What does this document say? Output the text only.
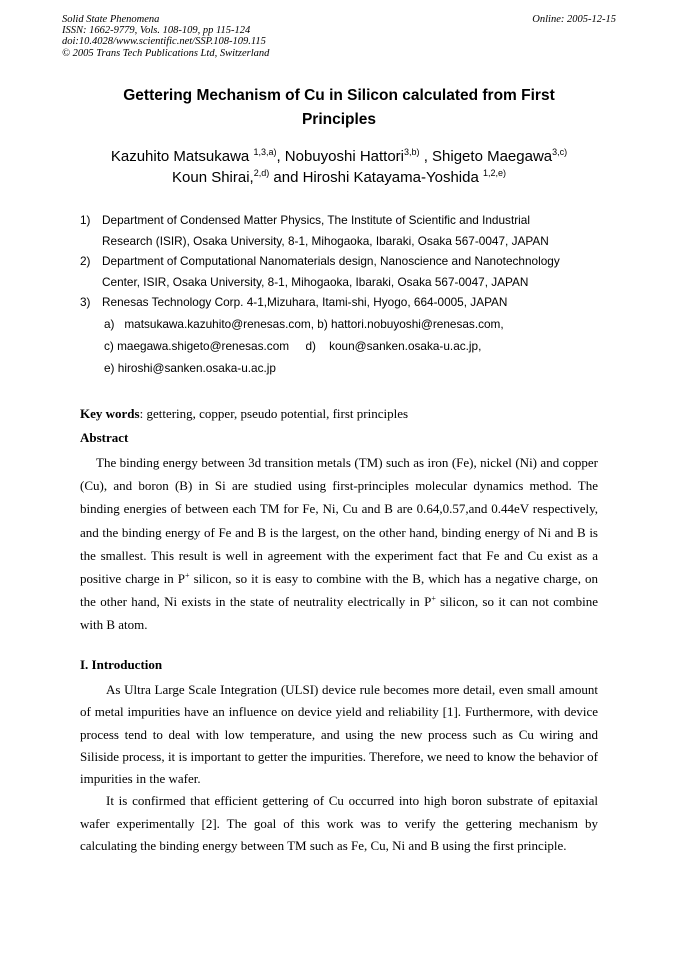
Solid State Phenomena
ISSN: 1662-9779, Vols. 108-109, pp 115-124
doi:10.4028/www.scientific.net/SSP.108-109.115
© 2005 Trans Tech Publications Ltd, Switzerland
Online: 2005-12-15
Gettering Mechanism of Cu in Silicon calculated from First Principles
Kazuhito Matsukawa $^{1,3,a)}$, Nobuyoshi Hattori$^{3,b)}$ , Shigeto Maegawa$^{3,c)}$
Koun Shirai,$^{2,d)}$ and Hiroshi Katayama-Yoshida $^{1,2,e)}$
1) Department of Condensed Matter Physics, The Institute of Scientific and Industrial
Research (ISIR), Osaka University, 8-1, Mihogaoka, Ibaraki, Osaka 567-0047, JAPAN
2) Department of Computational Nanomaterials design, Nanoscience and Nanotechnology
Center, ISIR, Osaka University, 8-1, Mihogaoka, Ibaraki, Osaka 567-0047, JAPAN
3) Renesas Technology Corp. 4-1,Mizuhara, Itami-shi, Hyogo, 664-0005, JAPAN
a)   matsukawa.kazuhito@renesas.com, b) hattori.nobuyoshi@renesas.com,
c) maegawa.shigeto@renesas.com     d)    koun@sanken.osaka-u.ac.jp,
e) hiroshi@sanken.osaka-u.ac.jp
Key words: gettering, copper, pseudo potential, first principles
Abstract

The binding energy between 3d transition metals (TM) such as iron (Fe), nickel (Ni) and copper (Cu), and boron (B) in Si are studied using first-principles molecular dynamics method. The binding energies of between each TM for Fe, Ni, Cu and B are 0.64,0.57,and 0.44eV respectively, and the binding energy of Fe and B is the largest, on the other hand, binding energy of Ni and B is the smallest. This result is well in agreement with the experiment fact that Fe and Cu exist as a positive charge in P+ silicon, so it is easy to combine with the B, which has a negative charge, on the other hand, Ni exists in the state of neutrality electrically in P+ silicon, so it can not combine with B atom.

I. Introduction

As Ultra Large Scale Integration (ULSI) device rule becomes more detail, even small amount of metal impurities have an influence on device yield and reliability [1]. Furthermore, with device process tend to deal with low temperature, and using the new process such as Cu wiring and Siliside process, it is important to getter the impurities. Therefore, we need to know the behavior of impurities in the wafer.

It is confirmed that efficient gettering of Cu occurred into high boron substrate of epitaxial wafer experimentally [2]. The goal of this work was to verify the gettering mechanism by calculating the binding energy between TM such as Fe, Cu, Ni and B using the first principle.
